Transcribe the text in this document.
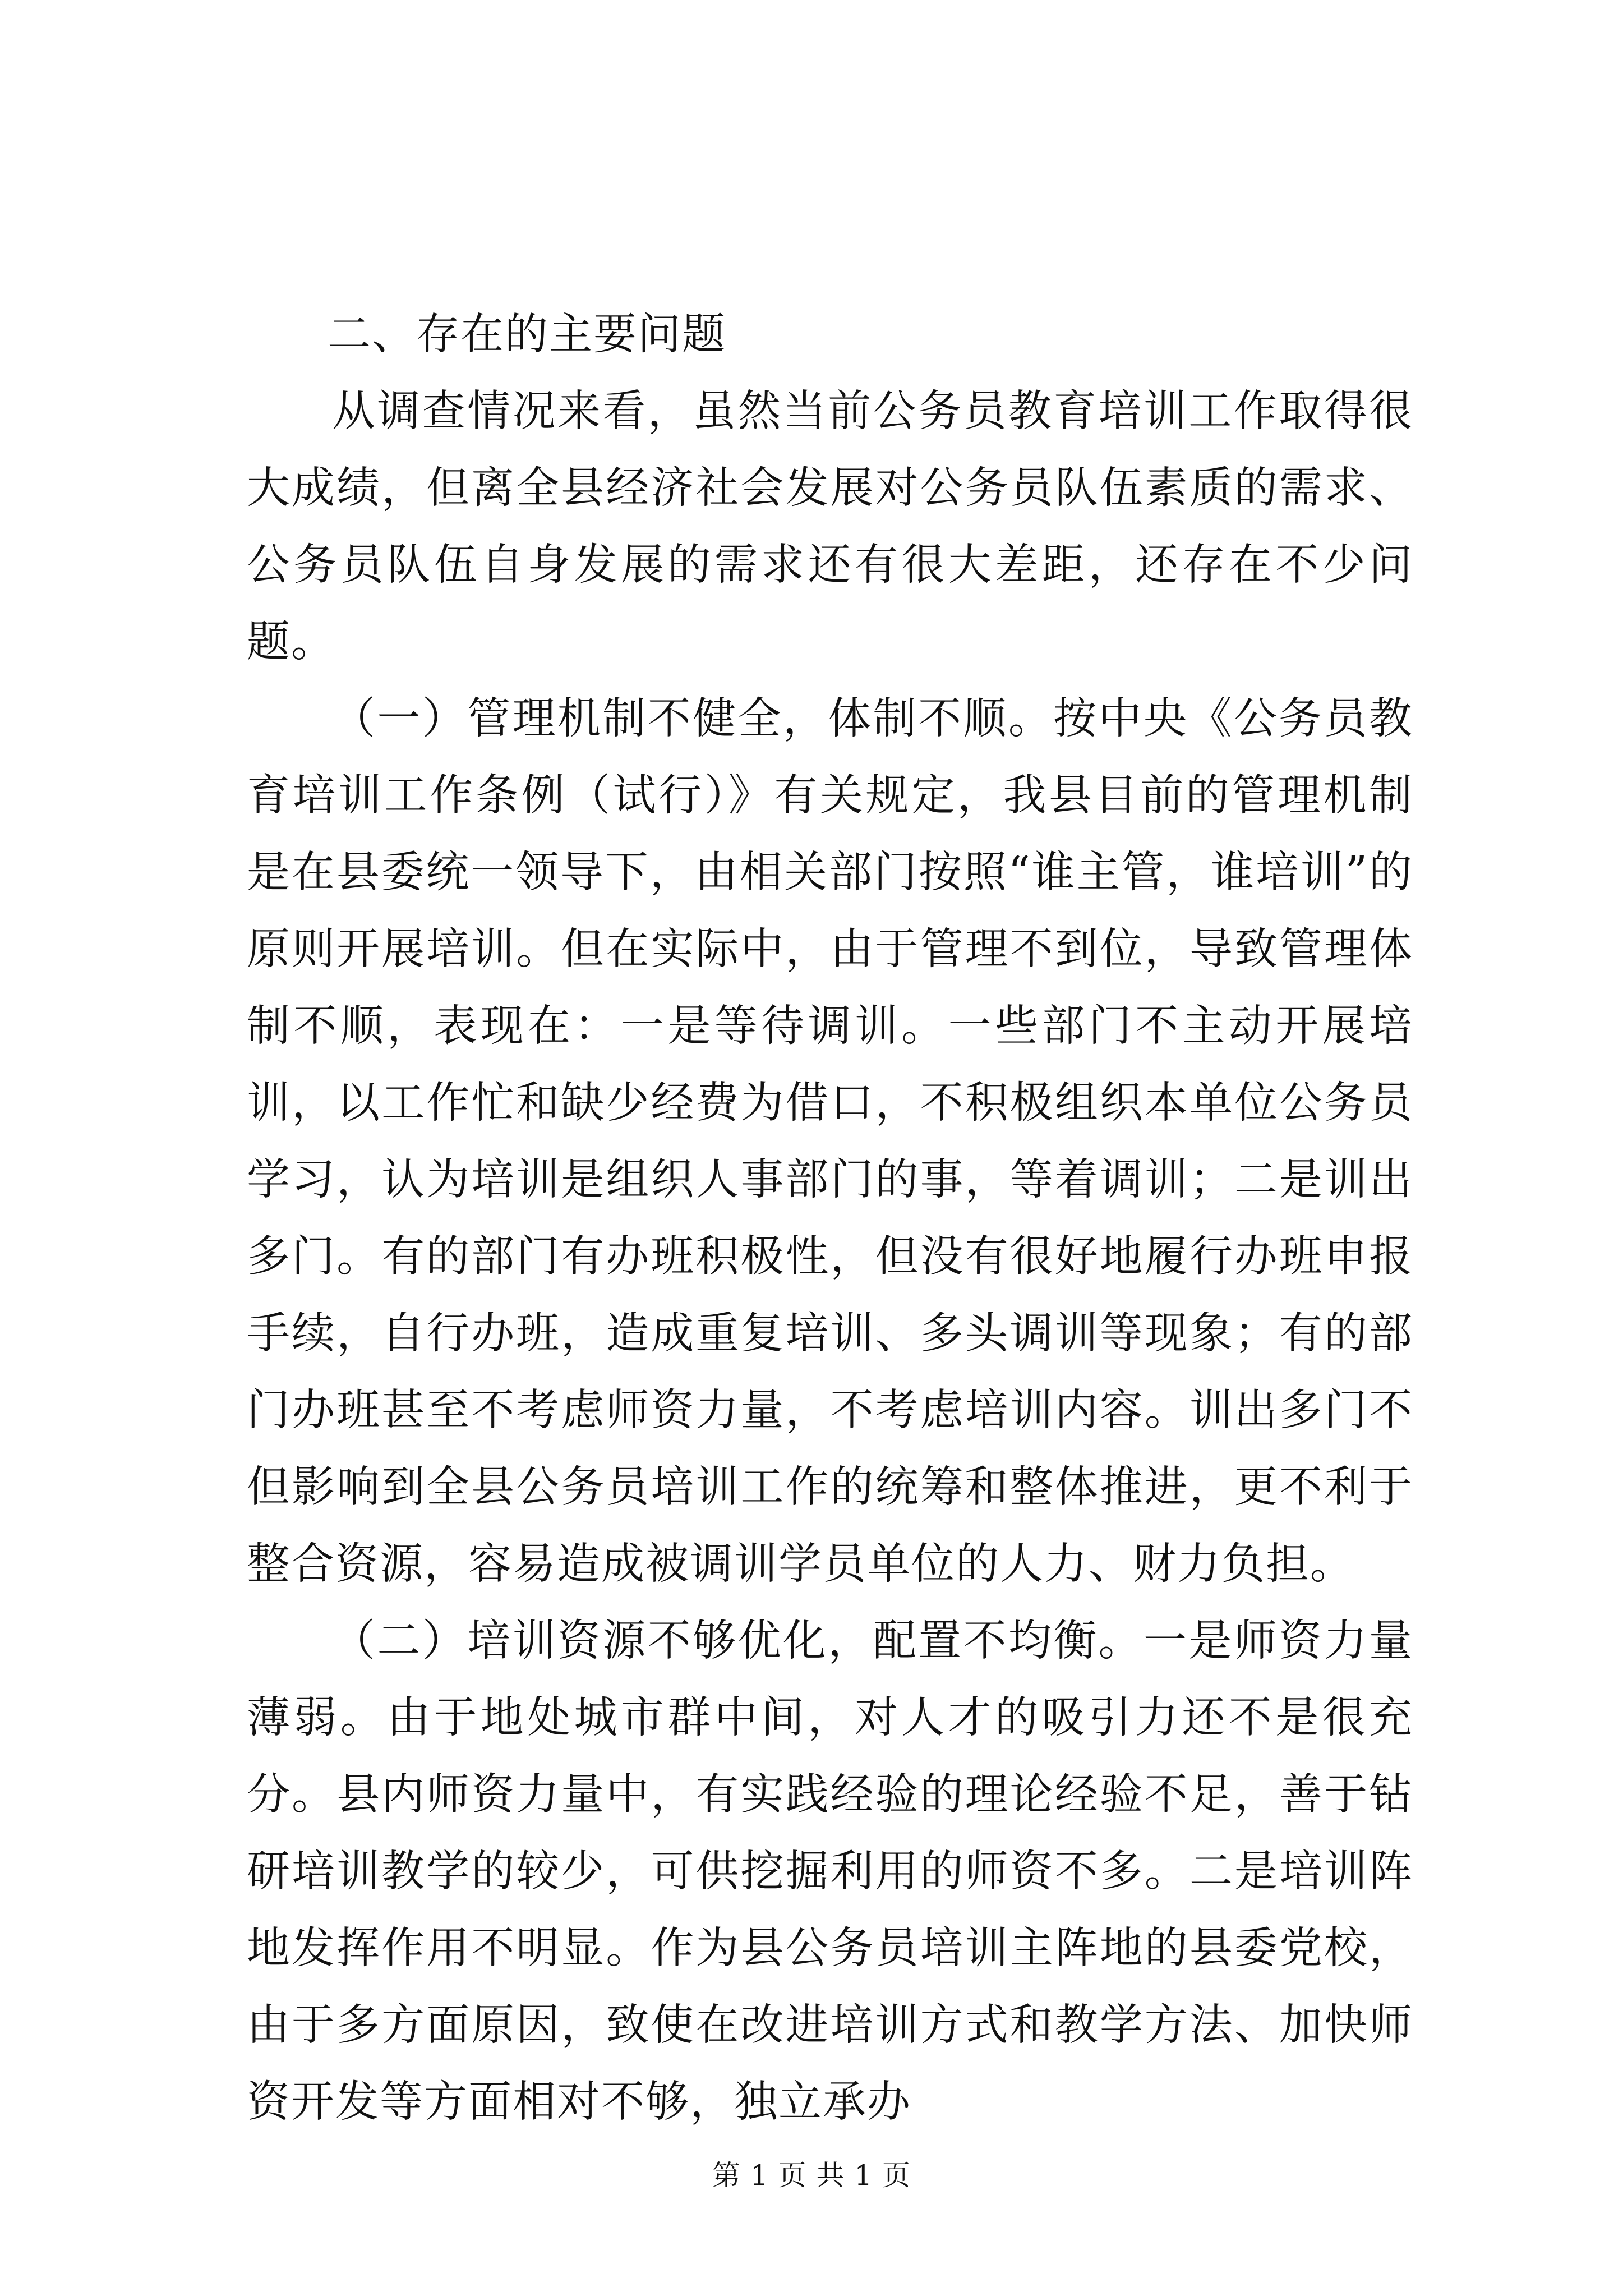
二、存在的主要问题

从调查情况来看，虽然当前公务员教育培训工作取得很大成绩，但离全县经济社会发展对公务员队伍素质的需求、公务员队伍自身发展的需求还有很大差距，还存在不少问题。

（一）管理机制不健全，体制不顺。按中央《公务员教育培训工作条例（试行）》有关规定，我县目前的管理机制是在县委统一领导下，由相关部门按照“谁主管，谁培训”的原则开展培训。但在实际中，由于管理不到位，导致管理体制不顺，表现在：一是等待调训。一些部门不主动开展培训，以工作忙和缺少经费为借口，不积极组织本单位公务员学习，认为培训是组织人事部门的事，等着调训；二是训出多门。有的部门有办班积极性，但没有很好地履行办班申报手续，自行办班，造成重复培训、多头调训等现象；有的部门办班甚至不考虑师资力量，不考虑培训内容。训出多门不但影响到全县公务员培训工作的统筹和整体推进，更不利于整合资源，容易造成被调训学员单位的人力、财力负担。

（二）培训资源不够优化，配置不均衡。一是师资力量薄弱。由于地处城市群中间，对人才的吸引力还不是很充分。县内师资力量中，有实践经验的理论经验不足，善于钻研培训教学的较少，可供挖掘利用的师资不多。二是培训阵地发挥作用不明显。作为县公务员培训主阵地的县委党校，由于多方面原因，致使在改进培训方式和教学方法、加快师资开发等方面相对不够，独立承办

第 1 页 共 1 页
